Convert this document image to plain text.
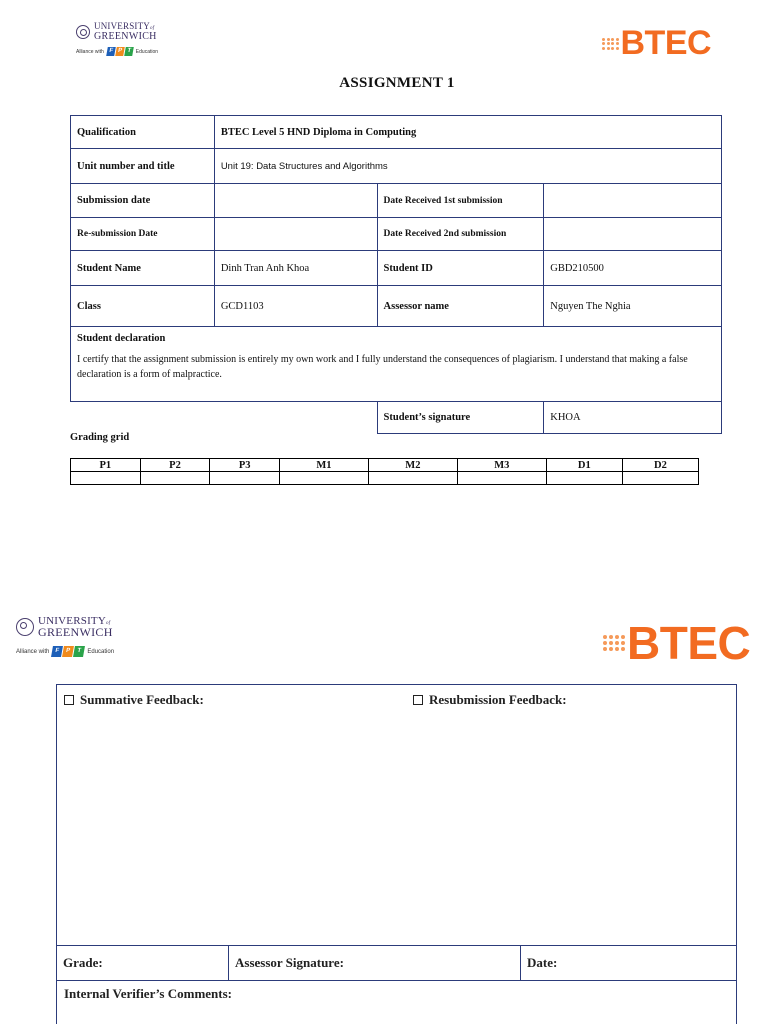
UNIVERSITYof
GREENWICH
Alliance with F P T Education	BTEC
ASSIGNMENT 1
Qualification	BTEC Level 5 HND Diploma in Computing		
Unit number and title	Unit 19: Data Structures and Algorithms		
Submission date		Date Received 1st submission	
Re-submission Date		Date Received 2nd submission	
Student Name	Dinh Tran Anh Khoa	Student ID	GBD210500
Class	GCD1103	Assessor name	Nguyen The Nghia

Student declaration
I certify that the assignment submission is entirely my own work and I fully understand the consequences of plagiarism. I understand that making a false declaration is a form of malpractice.			

		Student’s signature	KHOA
Grading grid
P1	P2	P3	M1	M2	M3	D1	D2

UNIVERSITYof
GREENWICH
Alliance with F	P	T Education	BTEC
Summative Feedback:	Resubmission Feedback:
Grade:	Assessor Signature:	Date:
Internal Verifier’s Comments:
